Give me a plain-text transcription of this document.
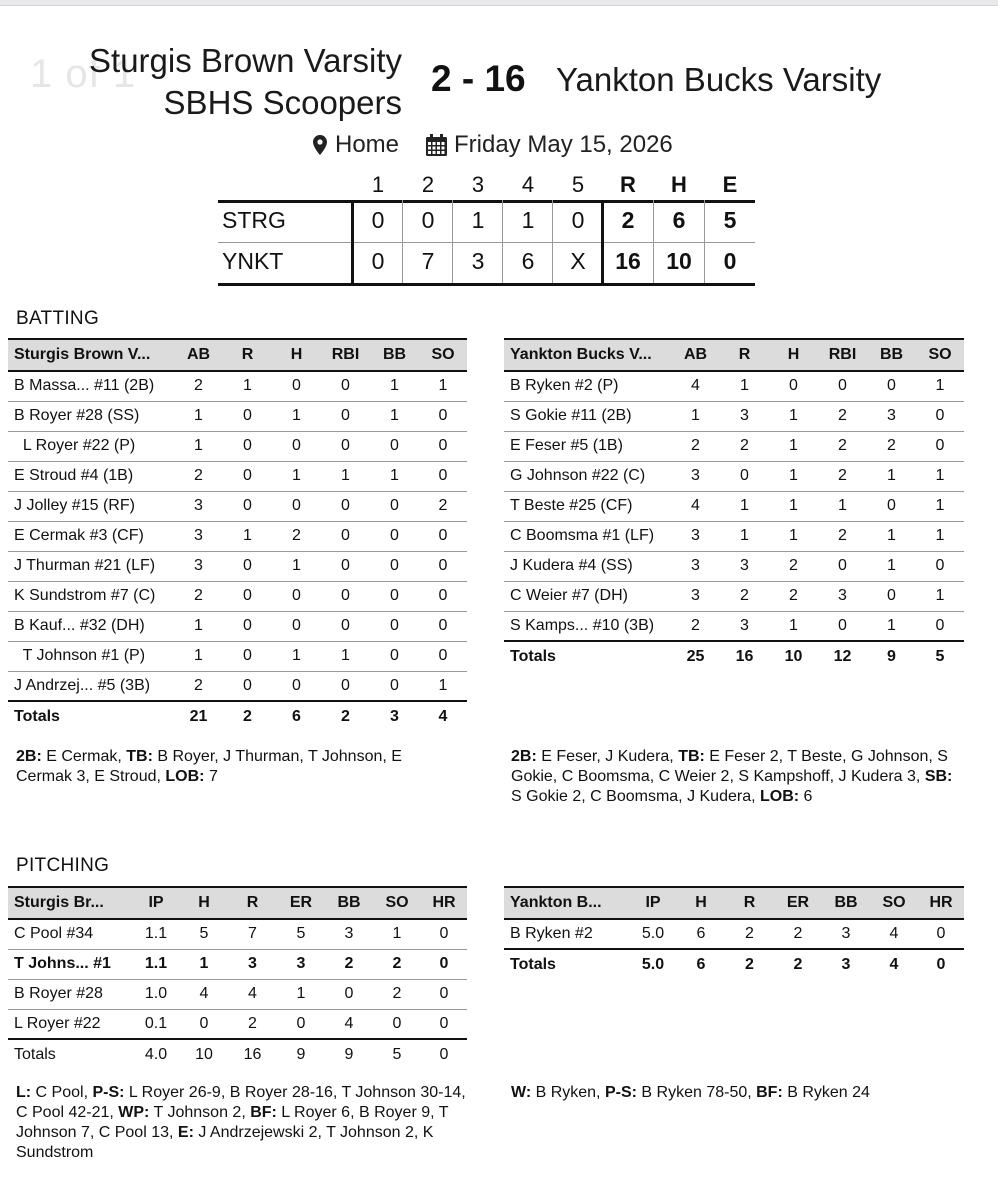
1 of 1
Sturgis Brown Varsity
SBHS Scoopers
2 - 16 Yankton Bucks Varsity
Home Friday May 15, 2026
1	2	3	4	5	R	H	E
STRG	0	0	1	1	0	2	6	5
YNKT	0	7	3	6	X	16	10	0
BATTING
Sturgis Brown V...	AB	R	H	RBI	BB	SO
B Massa... #11 (2B)	2	1	0	0	1	1
B Royer #28 (SS)	1	0	1	0	1	0
L Royer #22 (P)	1	0	0	0	0	0
E Stroud #4 (1B)	2	0	1	1	1	0
J Jolley #15 (RF)	3	0	0	0	0	2
E Cermak #3 (CF)	3	1	2	0	0	0
J Thurman #21 (LF)	3	0	1	0	0	0
K Sundstrom #7 (C)	2	0	0	0	0	0
B Kauf... #32 (DH)	1	0	0	0	0	0
T Johnson #1 (P)	1	0	1	1	0	0
J Andrzej... #5 (3B)	2	0	0	0	0	1
Totals	21	2	6	2	3	4
Yankton Bucks V...	AB	R	H	RBI	BB	SO
B Ryken #2 (P)	4	1	0	0	0	1
S Gokie #11 (2B)	1	3	1	2	3	0
E Feser #5 (1B)	2	2	1	2	2	0
G Johnson #22 (C)	3	0	1	2	1	1
T Beste #25 (CF)	4	1	1	1	0	1
C Boomsma #1 (LF)	3	1	1	2	1	1
J Kudera #4 (SS)	3	3	2	0	1	0
C Weier #7 (DH)	3	2	2	3	0	1
S Kamps... #10 (3B)	2	3	1	0	1	0
Totals	25	16	10	12	9	5
2B: E Cermak, TB: B Royer, J Thurman, T Johnson, E Cermak 3, E Stroud, LOB: 7
2B: E Feser, J Kudera, TB: E Feser 2, T Beste, G Johnson, S Gokie, C Boomsma, C Weier 2, S Kampshoff, J Kudera 3, SB: S Gokie 2, C Boomsma, J Kudera, LOB: 6
PITCHING
Sturgis Br...	IP	H	R	ER	BB	SO	HR
C Pool #34	1.1	5	7	5	3	1	0
T Johns... #1	1.1	1	3	3	2	2	0
B Royer #28	1.0	4	4	1	0	2	0
L Royer #22	0.1	0	2	0	4	0	0
Totals	4.0	10	16	9	9	5	0
Yankton B...	IP	H	R	ER	BB	SO	HR
B Ryken #2	5.0	6	2	2	3	4	0
Totals	5.0	6	2	2	3	4	0
L: C Pool, P-S: L Royer 26-9, B Royer 28-16, T Johnson 30-14, C Pool 42-21, WP: T Johnson 2, BF: L Royer 6, B Royer 9, T Johnson 7, C Pool 13, E: J Andrzejewski 2, T Johnson 2, K Sundstrom
W: B Ryken, P-S: B Ryken 78-50, BF: B Ryken 24
